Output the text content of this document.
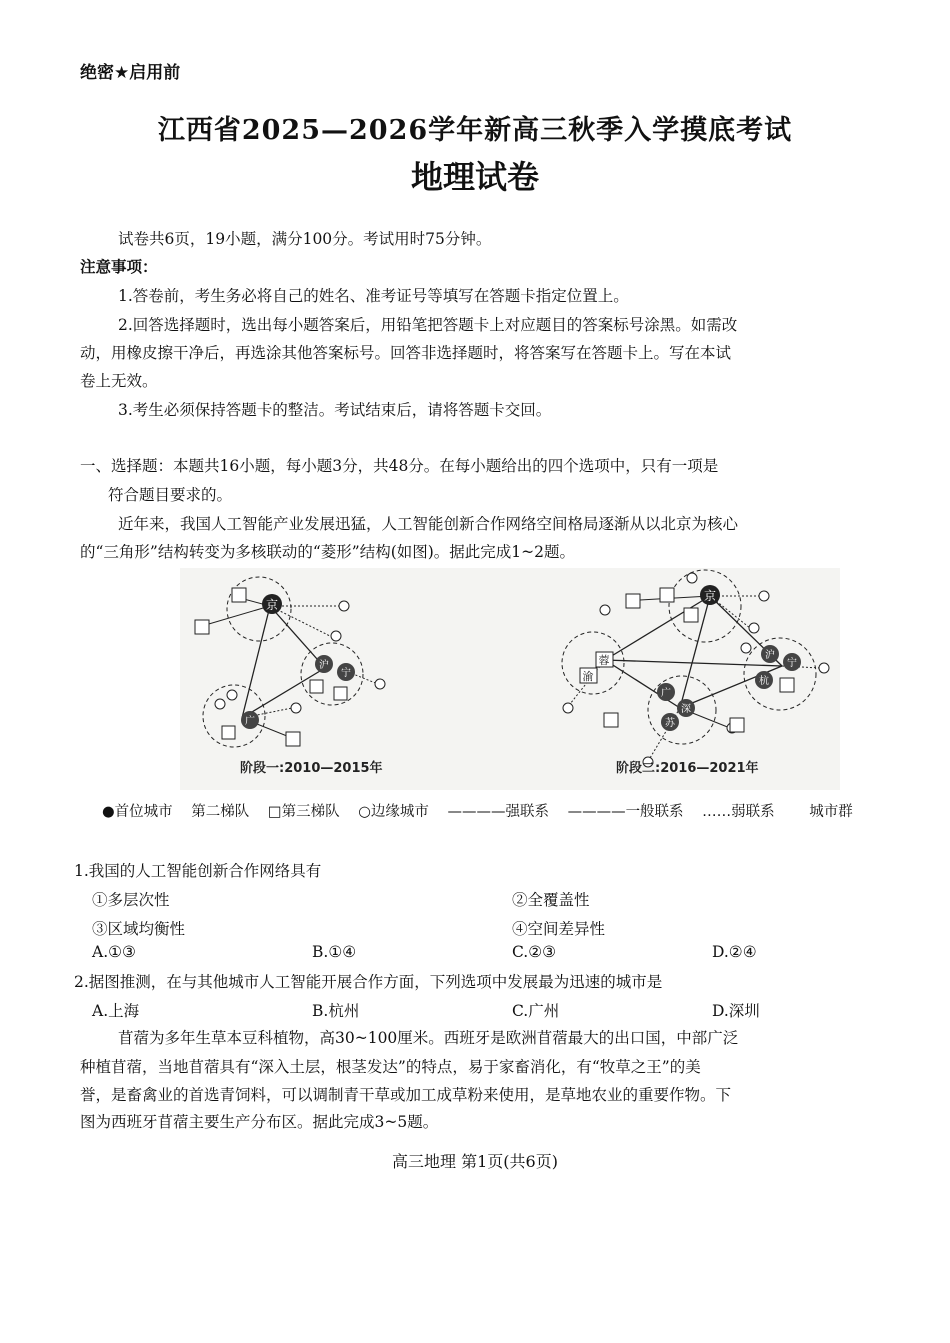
绝密★启用前
江西省2025—2026学年新高三秋季入学摸底考试
地理试卷
试卷共6页，19小题，满分100分。考试用时75分钟。
注意事项：
1.答卷前，考生务必将自己的姓名、准考证号等填写在答题卡指定位置上。
2.回答选择题时，选出每小题答案后，用铅笔把答题卡上对应题目的答案标号涂黑。如需改
动，用橡皮擦干净后，再选涂其他答案标号。回答非选择题时，将答案写在答题卡上。写在本试
卷上无效。
3.考生必须保持答题卡的整洁。考试结束后，请将答题卡交回。
一、选择题：本题共16小题，每小题3分，共48分。在每小题给出的四个选项中，只有一项是
符合题目要求的。
近年来，我国人工智能产业发展迅猛，人工智能创新合作网络空间格局逐渐从以北京为核心
的“三角形”结构转变为多核联动的“菱形”结构(如图)。据此完成1~2题。
京
沪
宁
广
阶段一:2010—2015年
京
蓉
渝
沪
宁
杭
广
深
苏
阶段二:2016—2021年
●首位城市 第二梯队 □第三梯队 ○边缘城市 ————强联系 ————一般联系 ……弱联系 城市群
1.我国的人工智能创新合作网络具有
①多层次性	②全覆盖性
③区域均衡性	④空间差异性
A.①③	B.①④	C.②③	D.②④
2.据图推测，在与其他城市人工智能开展合作方面，下列选项中发展最为迅速的城市是
A.上海	B.杭州	C.广州	D.深圳
苜蓿为多年生草本豆科植物，高30~100厘米。西班牙是欧洲苜蓿最大的出口国，中部广泛
种植苜蓿，当地苜蓿具有“深入土层，根茎发达”的特点，易于家畜消化，有“牧草之王”的美
誉，是畜禽业的首选青饲料，可以调制青干草或加工成草粉来使用，是草地农业的重要作物。下
图为西班牙苜蓿主要生产分布区。据此完成3~5题。
高三地理 第1页(共6页)
